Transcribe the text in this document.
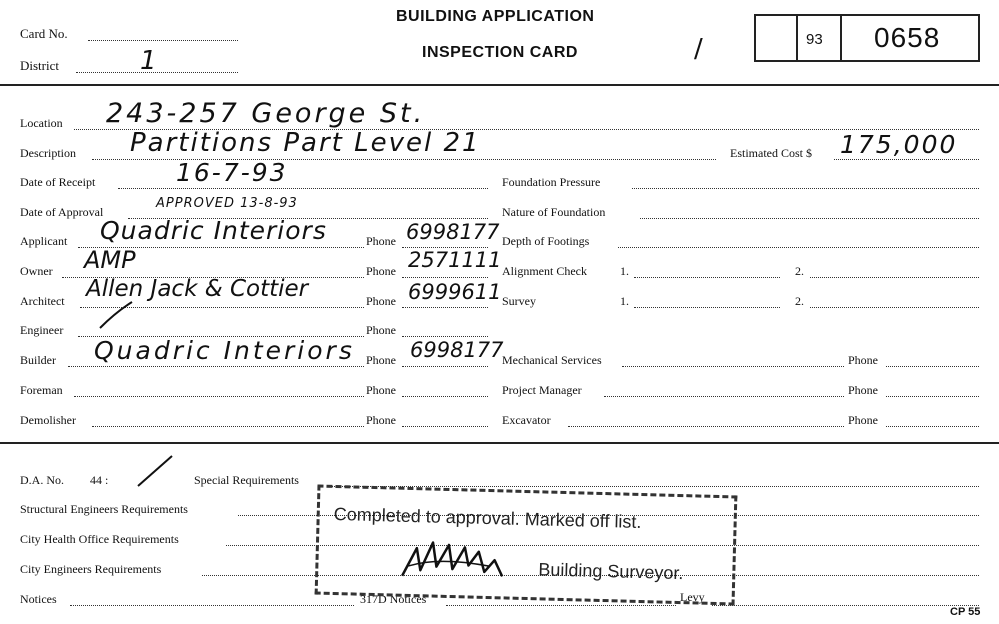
Card No.
District	1
BUILDING APPLICATION
INSPECTION CARD	/	93 0658
Location 243-257 George St.
Description Partitions Part Level 21	Estimated Cost $ 175,000
Date of Receipt	16-7-93
Date of Approval
APPROVED 13-8-93
Applicant Quadric Interiors	Phone 6998177
Owner AMP	Phone 2571111
Architect Allen Jack & Cottier	Phone 6999611
Engineer	Phone
Builder Quadric Interiors Phone 6998177
Foreman	Phone
Demolisher	Phone
Foundation Pressure
Nature of Foundation
Depth of Footings
Alignment Check	1.	2.
Survey	1.	2.
Mechanical Services	Phone
Project Manager	Phone
Excavator	Phone
D.A. No. 44 :	Special Requirements
Structural Engineers Requirements
City Health Office Requirements
City Engineers Requirements
Notices	317D Notices	Levy
Completed to approval. Marked off list.
Building Surveyor.
CP 55
